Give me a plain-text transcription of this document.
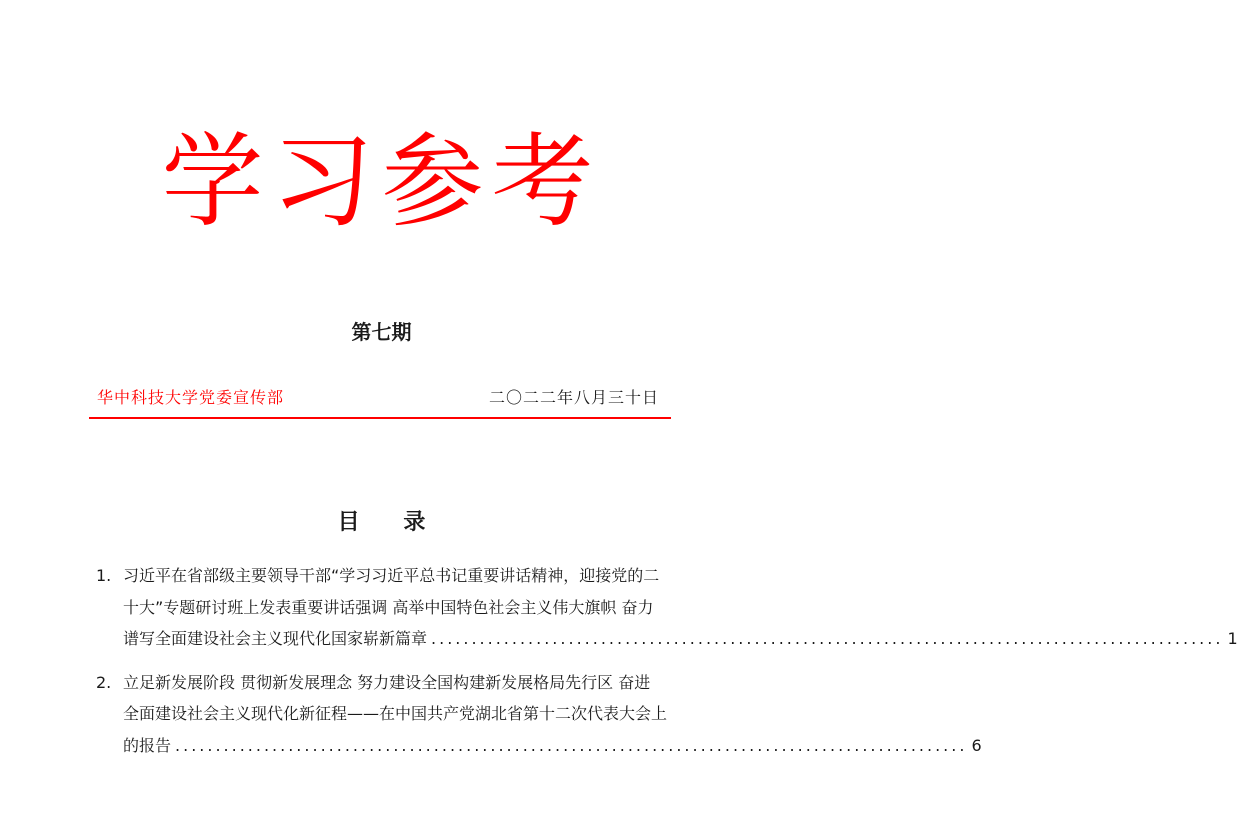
学习参考
第七期
华中科技大学党委宣传部	二〇二二年八月三十日
目 录
1. 习近平在省部级主要领导干部“学习习近平总书记重要讲话精神，迎接党的二
十大”专题研讨班上发表重要讲话强调 高举中国特色社会主义伟大旗帜 奋力
谱写全面建设社会主义现代化国家崭新篇章 .................................................................................................. 1
2. 立足新发展阶段 贯彻新发展理念 努力建设全国构建新发展格局先行区 奋进
全面建设社会主义现代化新征程——在中国共产党湖北省第十二次代表大会上
的报告 .................................................................................................. 6
